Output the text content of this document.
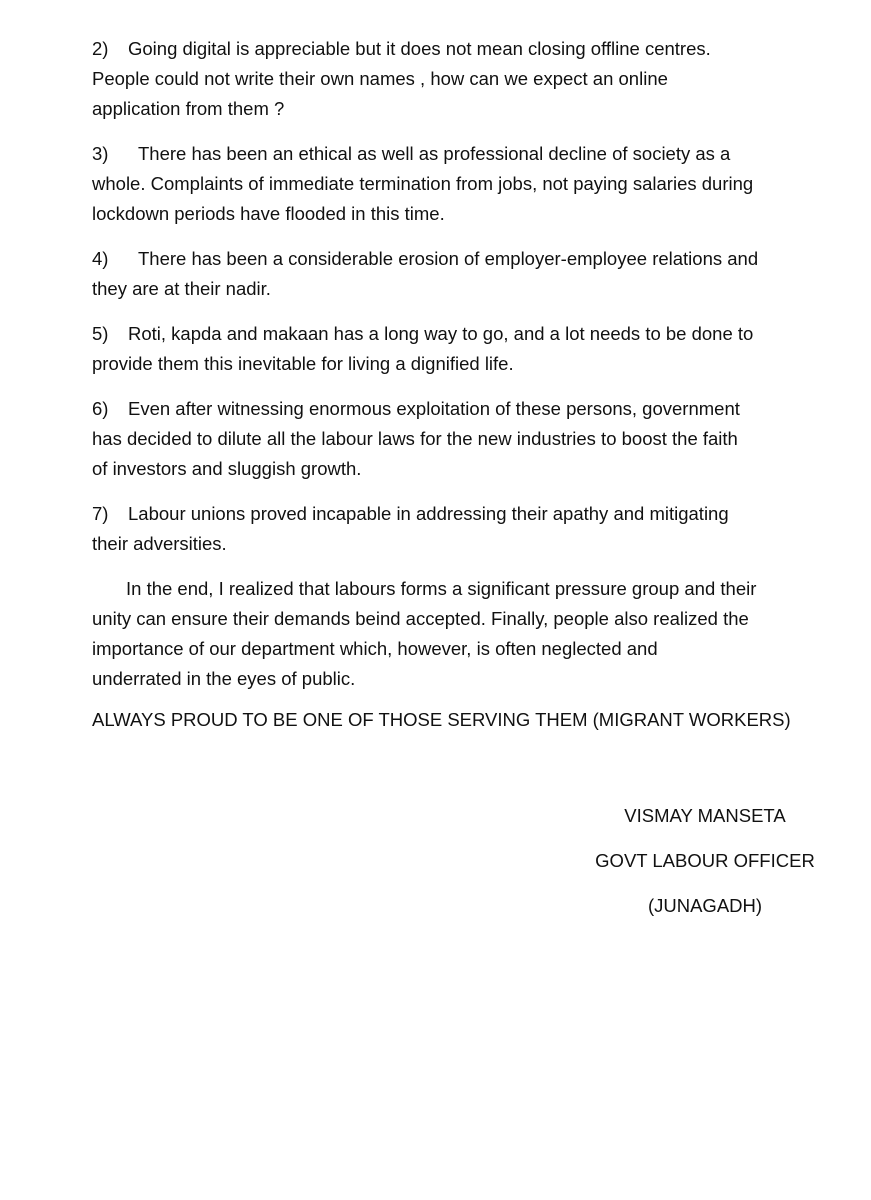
2) Going digital is appreciable but it does not mean closing offline centres.
People could not write their own names , how can we expect an online
application from them ?
3) There has been an ethical as well as professional decline of society as a
whole. Complaints of immediate termination from jobs, not paying salaries during
lockdown periods have flooded in this time.
4) There has been a considerable erosion of employer-employee relations and
they are at their nadir.
5) Roti, kapda and makaan has a long way to go, and a lot needs to be done to
provide them this inevitable for living a dignified life.
6) Even after witnessing enormous exploitation of these persons, government
has decided to dilute all the labour laws for the new industries to boost the faith
of investors and sluggish growth.
7) Labour unions proved incapable in addressing their apathy and mitigating
their adversities.
In the end, I realized that labours forms a significant pressure group and their
unity can ensure their demands beind accepted. Finally, people also realized the
importance of our department which, however, is often neglected and
underrated in the eyes of public.
ALWAYS PROUD TO BE ONE OF THOSE SERVING THEM (MIGRANT WORKERS)
VISMAY MANSETA
GOVT LABOUR OFFICER
(JUNAGADH)
